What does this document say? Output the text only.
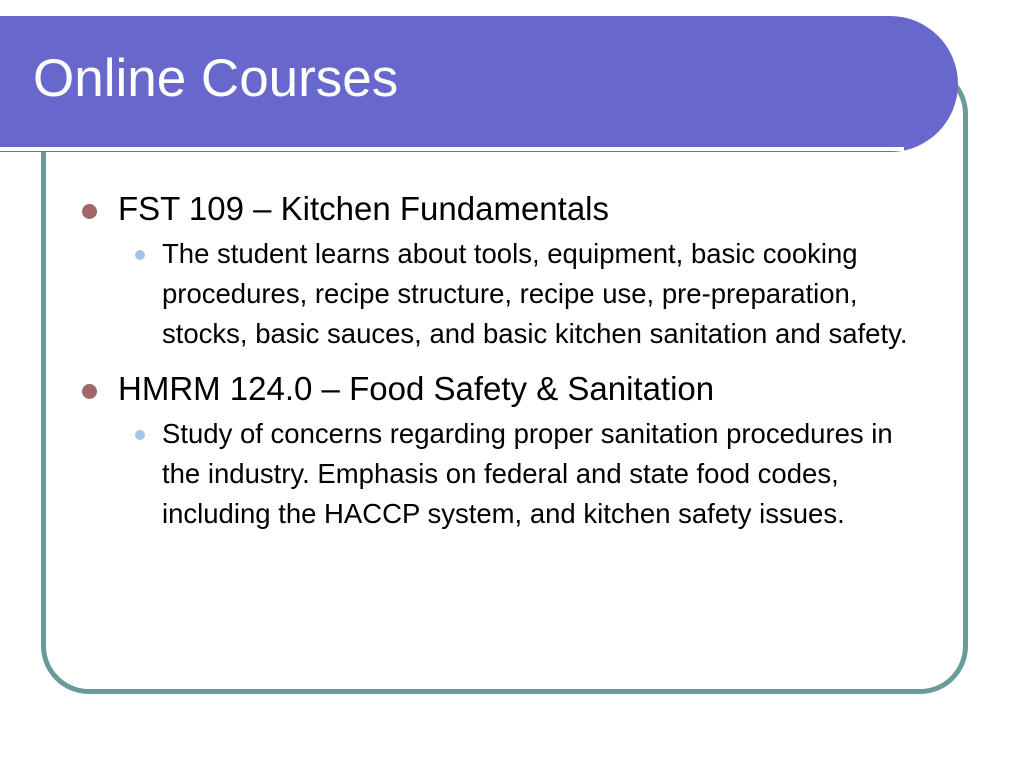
Online Courses
FST 109 – Kitchen Fundamentals
The student learns about tools, equipment, basic cooking procedures, recipe structure, recipe use, pre-preparation, stocks, basic sauces, and basic kitchen sanitation and safety.
HMRM 124.0 – Food Safety & Sanitation
Study of concerns regarding proper sanitation procedures in the industry. Emphasis on federal and state food codes, including the HACCP system, and kitchen safety issues.
